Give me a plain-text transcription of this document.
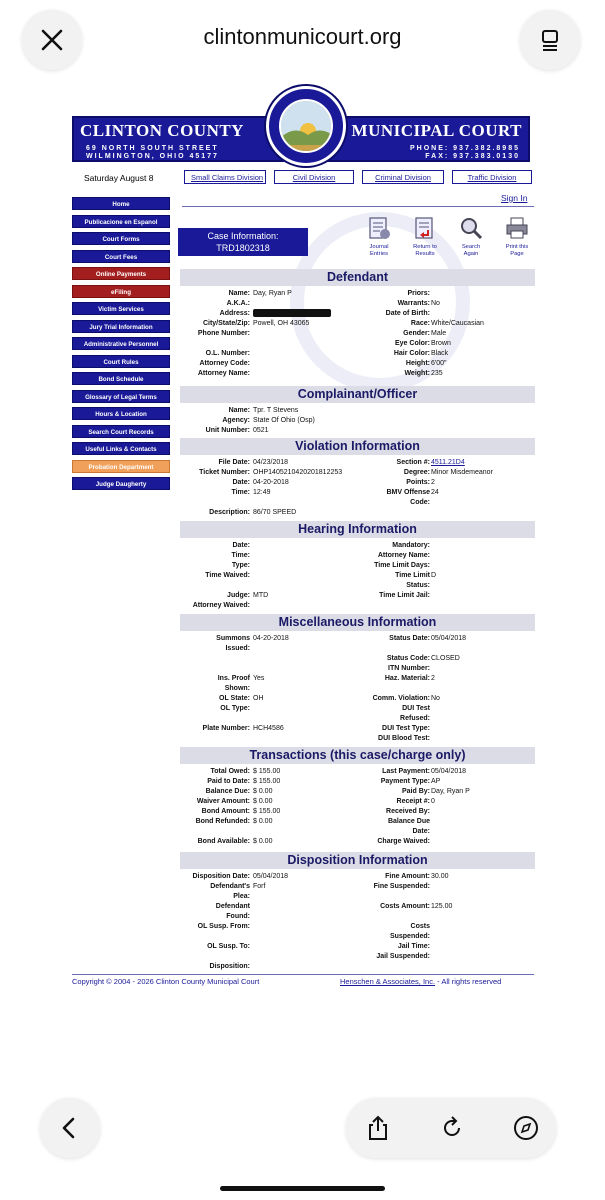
clintonmunicourt.org
CLINTON COUNTY	MUNICIPAL COURT
69 NORTH SOUTH STREET
WILMINGTON, OHIO 45177
PHONE: 937.382.8985
FAX: 937.383.0130
Saturday August 8	Small Claims Division	Civil Division	Criminal Division	Traffic Division
Sign In
Home
Publicacione en Espanol
Court Forms
Court Fees
Online Payments
eFiling
Victim Services
Jury Trial Information
Administrative Personnel
Court Rules
Bond Schedule
Glossary of Legal Terms
Hours & Location
Search Court Records
Useful Links & Contacts
Probation Department
Judge Daugherty
Case Information:
TRD1802318	Journal
Entries
Return to
Results
Search
Again
Print this
Page
Defendant
Name: Day, Ryan P	Priors:
A.K.A.:	Warrants: No
Address:	Date of Birth:
City/State/Zip: Powell, OH 43065	Race: White/Caucasian
Phone Number:	Gender: Male
Eye Color: Brown
O.L. Number:	Hair Color: Black
Attorney Code:	Height: 6'00"
Attorney Name:	Weight: 235
Complainant/Officer
Name: Tpr. T Stevens
Agency: State Of Ohio (Osp)
Unit Number: 0521
Violation Information
File Date: 04/23/2018	Section #: 4511.21D4
Ticket Number: OHP1405210420201812253	Degree: Minor Misdemeanor
Date: 04-20-2018	Points: 2
Time: 12:49	BMV Offense 24
Code:
Description: 86/70 SPEED
Hearing Information
Date:	Mandatory:
Time:	Attorney Name:
Type:	Time Limit Days:
Time Waived:	Time Limit D
Status:
Judge: MTD	Time Limit Jail:
Attorney Waived:
Miscellaneous Information
Summons 04-20-2018	Status Date: 05/04/2018
Issued:
Status Code: CLOSED
ITN Number:
Ins. Proof Yes	Haz. Material: 2
Shown:
OL State: OH	Comm. Violation: No
OL Type:	DUI Test
Refused:
Plate Number: HCH4586	DUI Test Type:
DUI Blood Test:
Transactions (this case/charge only)
Total Owed: $ 155.00	Last Payment: 05/04/2018
Paid to Date: $ 155.00	Payment Type: AP
Balance Due: $ 0.00	Paid By: Day, Ryan P
Waiver Amount: $ 0.00	Receipt #: 0
Bond Amount: $ 155.00	Received By:
Bond Refunded: $ 0.00	Balance Due
Date:
Bond Available: $ 0.00	Charge Waived:
Disposition Information
Disposition Date: 05/04/2018	Fine Amount: 30.00
Defendant's Forf	Fine Suspended:
Plea:
Defendant	Costs Amount: 125.00
Found:
OL Susp. From:	Costs
Suspended:
OL Susp. To:	Jail Time:
Jail Suspended:
Disposition:
Copyright © 2004 - 2026 Clinton County Municipal Court	Henschen & Associates, Inc. - All rights reserved
